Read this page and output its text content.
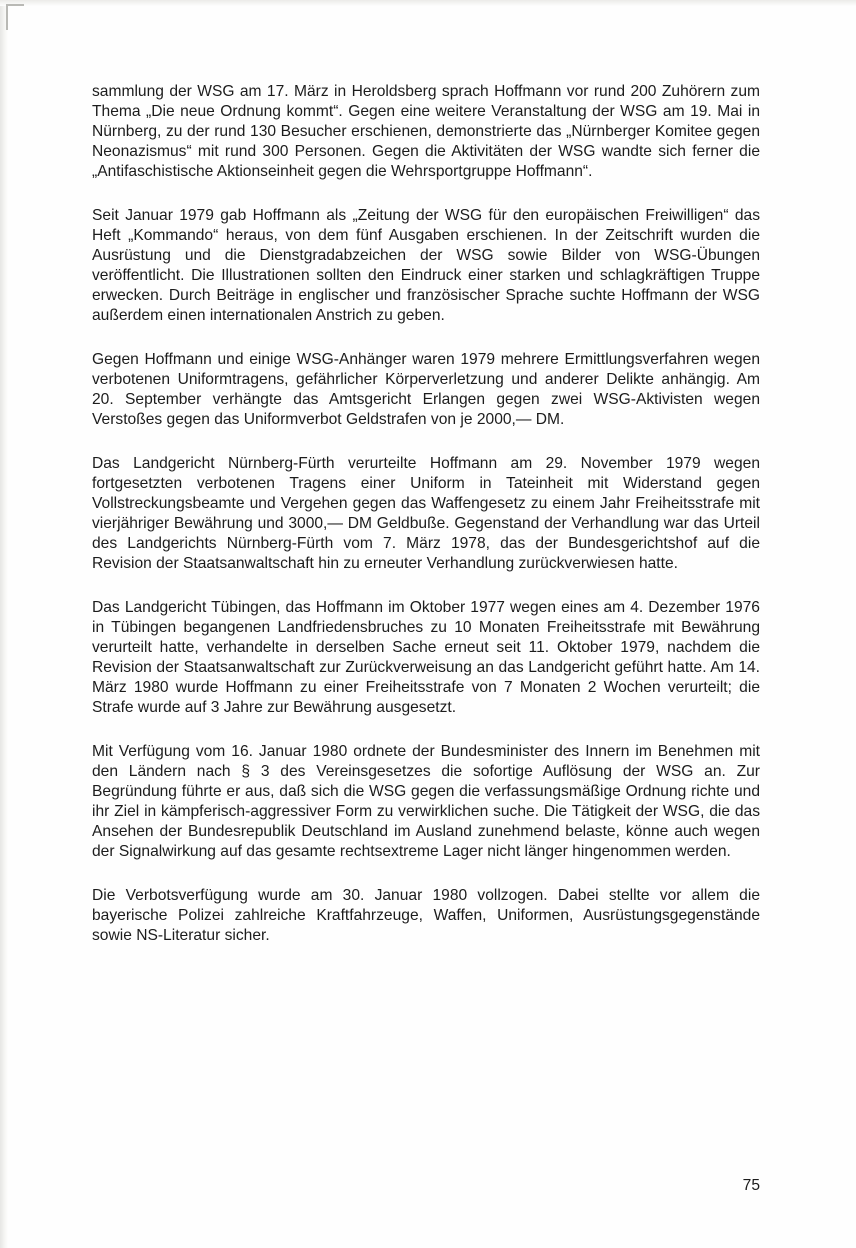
sammlung der WSG am 17. März in Heroldsberg sprach Hoffmann vor rund 200 Zuhörern zum Thema „Die neue Ordnung kommt“. Gegen eine weitere Veranstaltung der WSG am 19. Mai in Nürnberg, zu der rund 130 Besucher erschienen, demonstrierte das „Nürnberger Komitee gegen Neonazismus“ mit rund 300 Personen. Gegen die Aktivitäten der WSG wandte sich ferner die „Antifaschistische Aktionseinheit gegen die Wehrsportgruppe Hoffmann“.

Seit Januar 1979 gab Hoffmann als „Zeitung der WSG für den europäischen Freiwilligen“ das Heft „Kommando“ heraus, von dem fünf Ausgaben erschienen. In der Zeitschrift wurden die Ausrüstung und die Dienstgradabzeichen der WSG sowie Bilder von WSG-Übungen veröffentlicht. Die Illustrationen sollten den Eindruck einer starken und schlagkräftigen Truppe erwecken. Durch Beiträge in englischer und französischer Sprache suchte Hoffmann der WSG außerdem einen internationalen Anstrich zu geben.

Gegen Hoffmann und einige WSG-Anhänger waren 1979 mehrere Ermittlungsverfahren wegen verbotenen Uniformtragens, gefährlicher Körperverletzung und anderer Delikte anhängig. Am 20. September verhängte das Amtsgericht Erlangen gegen zwei WSG-Aktivisten wegen Verstoßes gegen das Uniformverbot Geldstrafen von je 2000,— DM.

Das Landgericht Nürnberg-Fürth verurteilte Hoffmann am 29. November 1979 wegen fortgesetzten verbotenen Tragens einer Uniform in Tateinheit mit Widerstand gegen Vollstreckungsbeamte und Vergehen gegen das Waffengesetz zu einem Jahr Freiheitsstrafe mit vierjähriger Bewährung und 3000,— DM Geldbuße. Gegenstand der Verhandlung war das Urteil des Landgerichts Nürnberg-Fürth vom 7. März 1978, das der Bundesgerichtshof auf die Revision der Staatsanwaltschaft hin zu erneuter Verhandlung zurückverwiesen hatte.

Das Landgericht Tübingen, das Hoffmann im Oktober 1977 wegen eines am 4. Dezember 1976 in Tübingen begangenen Landfriedensbruches zu 10 Monaten Freiheitsstrafe mit Bewährung verurteilt hatte, verhandelte in derselben Sache erneut seit 11. Oktober 1979, nachdem die Revision der Staatsanwaltschaft zur Zurückverweisung an das Landgericht geführt hatte. Am 14. März 1980 wurde Hoffmann zu einer Freiheitsstrafe von 7 Monaten 2 Wochen verurteilt; die Strafe wurde auf 3 Jahre zur Bewährung ausgesetzt.

Mit Verfügung vom 16. Januar 1980 ordnete der Bundesminister des Innern im Benehmen mit den Ländern nach § 3 des Vereinsgesetzes die sofortige Auflösung der WSG an. Zur Begründung führte er aus, daß sich die WSG gegen die verfassungsmäßige Ordnung richte und ihr Ziel in kämpferisch-aggressiver Form zu verwirklichen suche. Die Tätigkeit der WSG, die das Ansehen der Bundesrepublik Deutschland im Ausland zunehmend belaste, könne auch wegen der Signalwirkung auf das gesamte rechtsextreme Lager nicht länger hingenommen werden.

Die Verbotsverfügung wurde am 30. Januar 1980 vollzogen. Dabei stellte vor allem die bayerische Polizei zahlreiche Kraftfahrzeuge, Waffen, Uniformen, Ausrüstungsgegenstände sowie NS-Literatur sicher.

75
